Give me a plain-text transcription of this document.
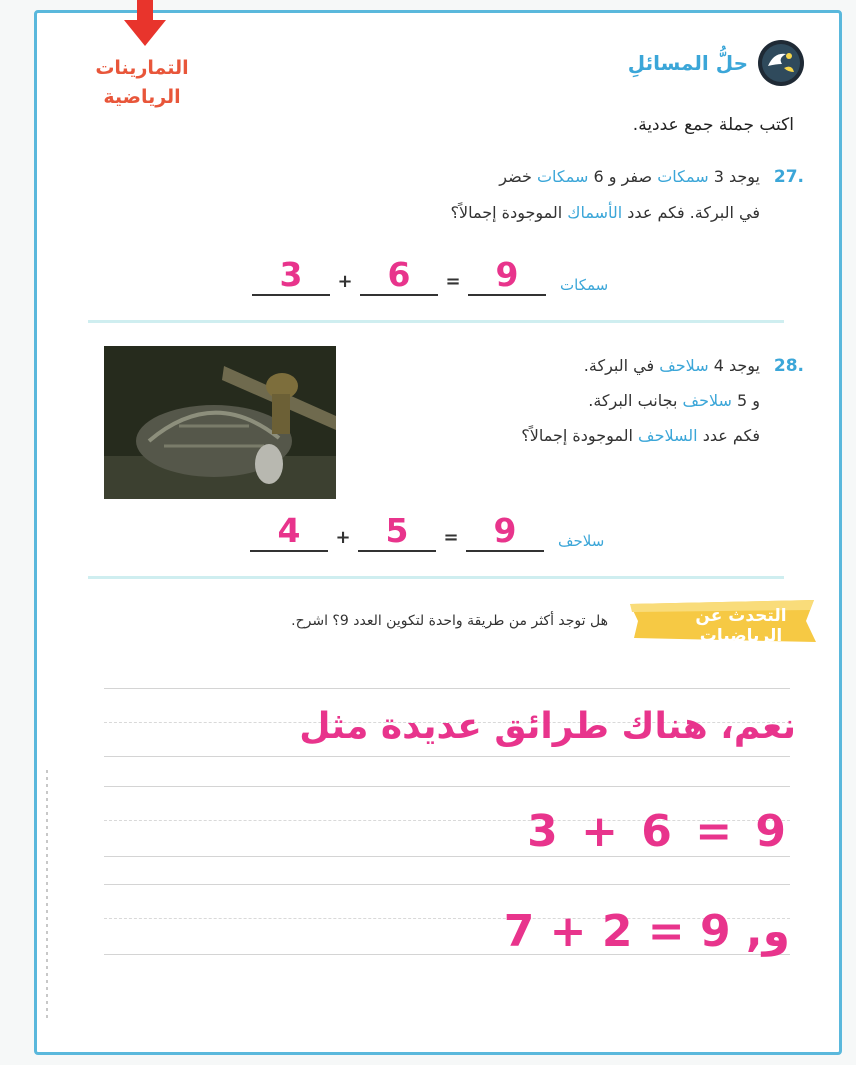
التمارينات
الرياضية
حلُّ المسائلِ
اكتب جملة جمع عددية.
27.
يوجد 3 سمكات صفر و 6 سمكات خضر
في البركة. فكم عدد الأسماك الموجودة إجمالاً؟
3	+	6	=	9	سمكات
28.
يوجد 4 سلاحف في البركة.
و 5 سلاحف بجانب البركة.
فكم عدد السلاحف الموجودة إجمالاً؟
4	+	5	=	9	سلاحف
التحدث عن الرياضيات
هل توجد أكثر من طريقة واحدة لتكوين العدد 9؟ اشرح.
نعم، هناك طرائق عديدة مثل
3 + 6 = 9
7 + 2 = 9 ,و
